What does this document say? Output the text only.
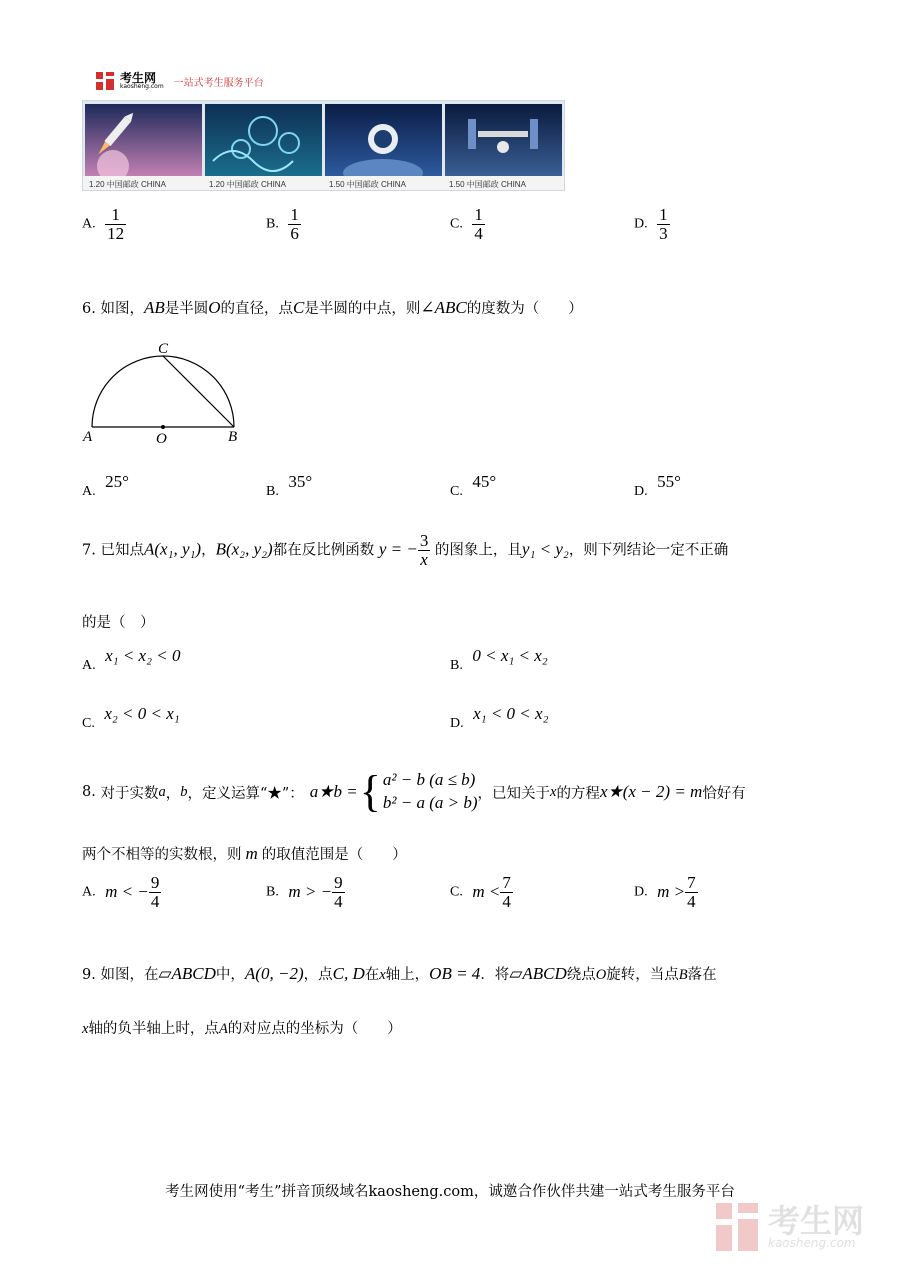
考生网
kaosheng.com 一站式考生服务平台
1.20 中国邮政 CHINA	1.20 中国邮政 CHINA	1.50 中国邮政 CHINA	1.50 中国邮政 CHINA
A. $\frac{1}{12}$	B. $\frac{1}{6}$	C. $\frac{1}{4}$	D. $\frac{1}{3}$
6. 如图，AB是半圆O的直径，点C是半圆的中点，则∠ABC的度数为（　　）
A	O	B
C
A. 25°
B. 35°
C. 45°
D. 55°
7. 已知点A(x₁, y₁)，B(x₂, y₂)都在反比例函数 y = − $\frac{3}{x}$ 的图象上，且y₁ < y₂，则下列结论一定不正确
的是（　）
A. x₁ < x₂ < 0
B. 0 < x₁ < x₂
C. x₂ < 0 < x₁
D. x₁ < 0 < x₂
8.
对于实数 a ， b ，定义运算“★”： a★b = { a² − b (a ≤ b)
b² − a (a > b) ，已知关于 x 的方程 x★(x − 2) = m 恰好有
两个不相等的实数根，则 m 的取值范围是（　　）
A. m < − $\frac{9}{4}$	B. m > − $\frac{9}{4}$	C. $m < \frac{7}{4}$	D. $m > \frac{7}{4}$
9. 如图，在▱ABCD中，A(0, −2)，点C, D在x轴上，OB = 4．将▱ABCD绕点O旋转，当点B落在
x轴的负半轴上时，点A的对应点的坐标为（　　）
考生网使用“考生”拼音顶级域名kaosheng.com，诚邀合作伙伴共建一站式考生服务平台
考生网
kaosheng.com
